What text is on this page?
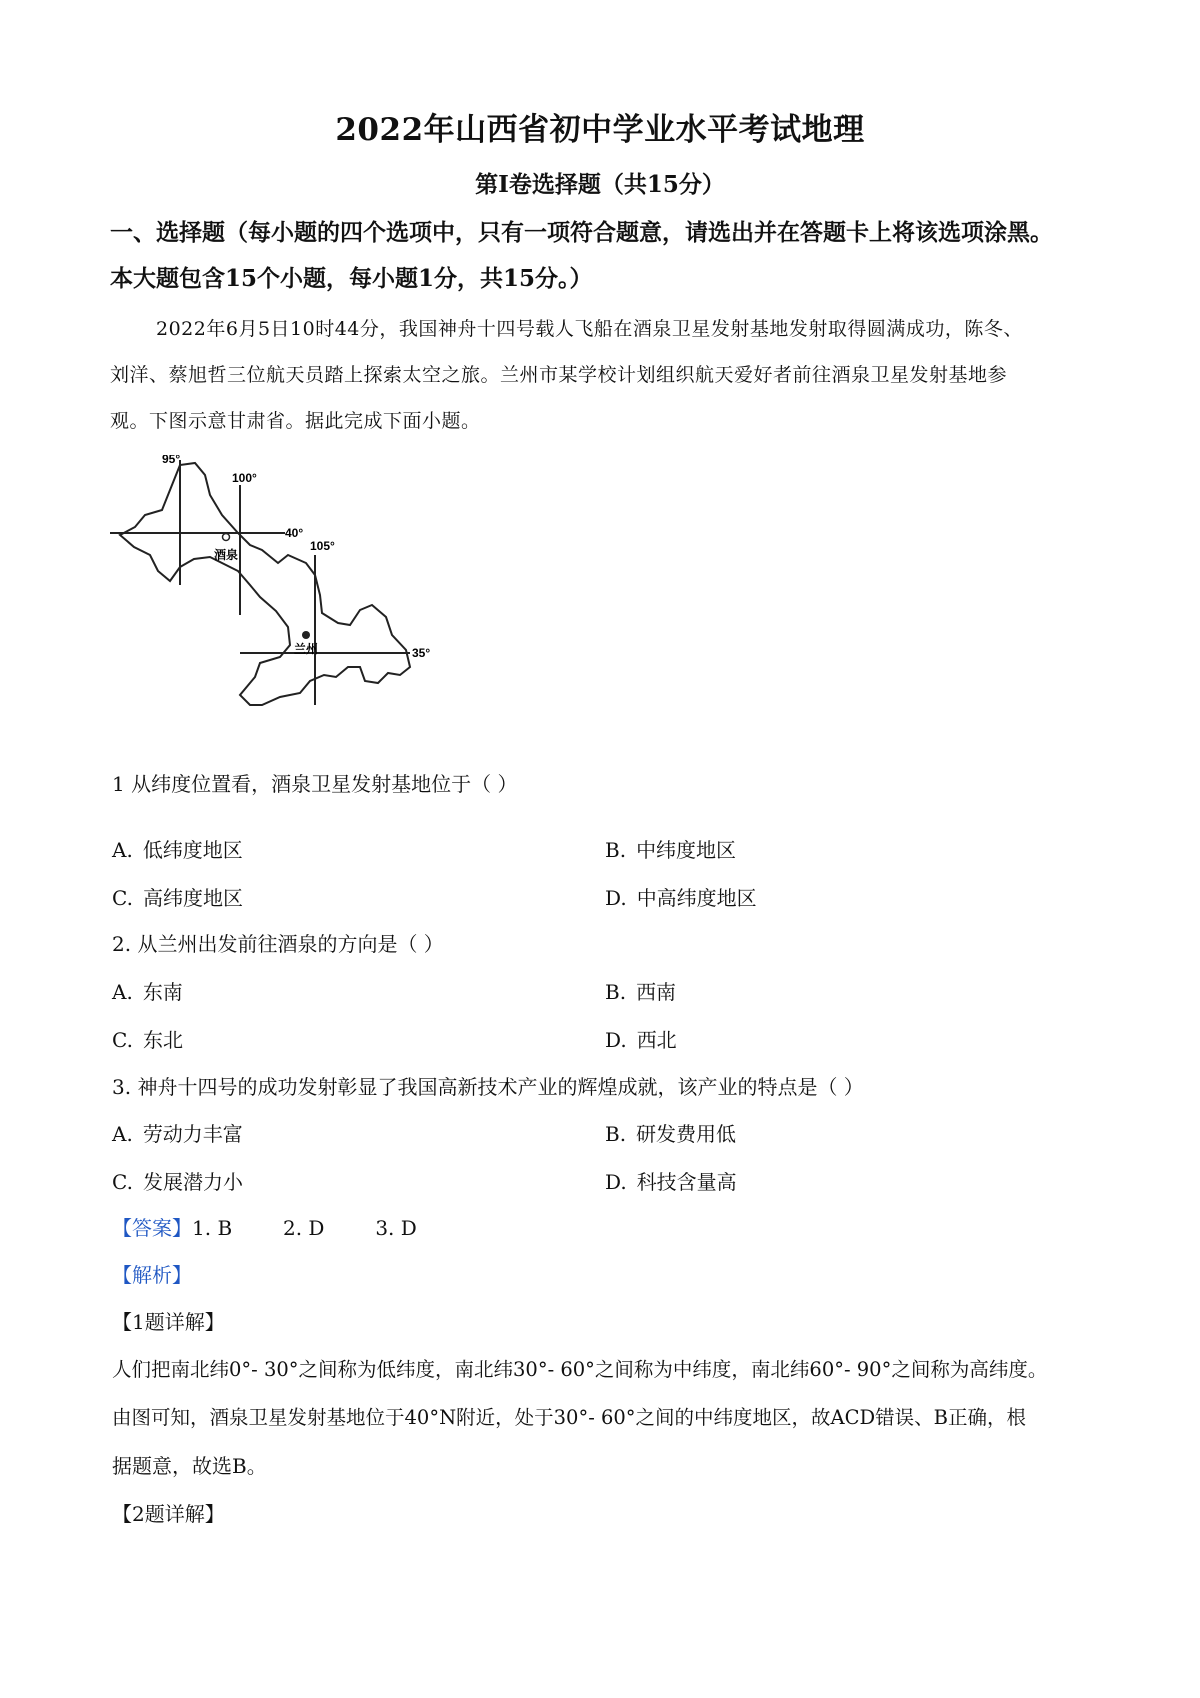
2022年山西省初中学业水平考试地理
第Ⅰ卷选择题（共15分）
一、选择题（每小题的四个选项中，只有一项符合题意，请选出并在答题卡上将该选项涂黑。
本大题包含15个小题，每小题1分，共15分。）
2022年6月5日10时44分，我国神舟十四号载人飞船在酒泉卫星发射基地发射取得圆满成功，陈冬、
刘洋、蔡旭哲三位航天员踏上探索太空之旅。兰州市某学校计划组织航天爱好者前往酒泉卫星发射基地参
观。下图示意甘肃省。据此完成下面小题。
95°
100°
105°
40°
35°
酒泉
兰州
1 从纬度位置看，酒泉卫星发射基地位于（ ）
A. 低纬度地区	B. 中纬度地区
C. 高纬度地区	D. 中高纬度地区
2. 从兰州出发前往酒泉的方向是（ ）
A. 东南	B. 西南
C. 东北	D. 西北
3. 神舟十四号的成功发射彰显了我国高新技术产业的辉煌成就，该产业的特点是（ ）
A. 劳动力丰富	B. 研发费用低
C. 发展潜力小	D. 科技含量高
【答案】1. B        2. D        3. D
【解析】
【1题详解】
人们把南北纬0°- 30°之间称为低纬度，南北纬30°- 60°之间称为中纬度，南北纬60°- 90°之间称为高纬度。
由图可知，酒泉卫星发射基地位于40°N附近，处于30°- 60°之间的中纬度地区，故ACD错误、B正确，根
据题意，故选B。
【2题详解】
